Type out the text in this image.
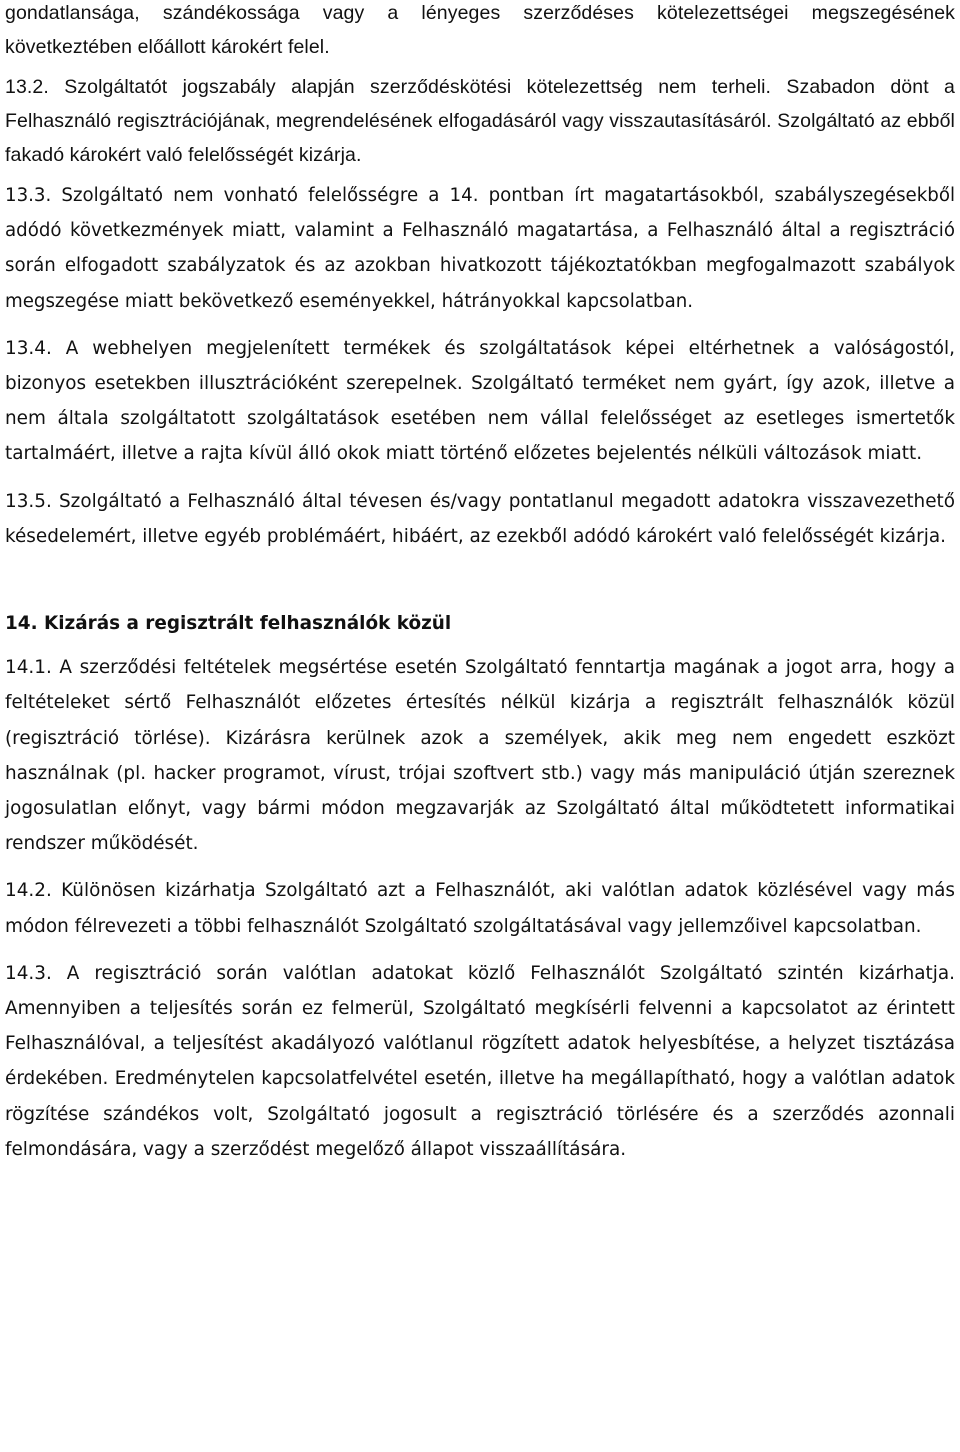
gondatlansága, szándékossága vagy a lényeges szerződéses kötelezettségei megszegésének következtében előállott károkért felel.

13.2. Szolgáltatót jogszabály alapján szerződéskötési kötelezettség nem terheli. Szabadon dönt a Felhasználó regisztrációjának, megrendelésének elfogadásáról vagy visszautasításáról. Szolgáltató az ebből fakadó károkért való felelősségét kizárja.

13.3. Szolgáltató nem vonható felelősségre a 14. pontban írt magatartásokból, szabályszegésekből adódó következmények miatt, valamint a Felhasználó magatartása, a Felhasználó által a regisztráció során elfogadott szabályzatok és az azokban hivatkozott tájékoztatókban megfogalmazott szabályok megszegése miatt bekövetkező eseményekkel, hátrányokkal kapcsolatban.

13.4. A webhelyen megjelenített termékek és szolgáltatások képei eltérhetnek a valóságostól, bizonyos esetekben illusztrációként szerepelnek. Szolgáltató terméket nem gyárt, így azok, illetve a nem általa szolgáltatott szolgáltatások esetében nem vállal felelősséget az esetleges ismertetők tartalmáért, illetve a rajta kívül álló okok miatt történő előzetes bejelentés nélküli változások miatt.

13.5. Szolgáltató a Felhasználó által tévesen és/vagy pontatlanul megadott adatokra visszavezethető késedelemért, illetve egyéb problémáért, hibáért, az ezekből adódó károkért való felelősségét kizárja.

14. Kizárás a regisztrált felhasználók közül

14.1. A szerződési feltételek megsértése esetén Szolgáltató fenntartja magának a jogot arra, hogy a feltételeket sértő Felhasználót előzetes értesítés nélkül kizárja a regisztrált felhasználók közül (regisztráció törlése). Kizárásra kerülnek azok a személyek, akik meg nem engedett eszközt használnak (pl. hacker programot, vírust, trójai szoftvert stb.) vagy más manipuláció útján szereznek jogosulatlan előnyt, vagy bármi módon megzavarják az Szolgáltató által működtetett informatikai rendszer működését.

14.2. Különösen kizárhatja Szolgáltató azt a Felhasználót, aki valótlan adatok közlésével vagy más módon félrevezeti a többi felhasználót Szolgáltató szolgáltatásával vagy jellemzőivel kapcsolatban.

14.3. A regisztráció során valótlan adatokat közlő Felhasználót Szolgáltató szintén kizárhatja. Amennyiben a teljesítés során ez felmerül, Szolgáltató megkísérli felvenni a kapcsolatot az érintett Felhasználóval, a teljesítést akadályozó valótlanul rögzített adatok helyesbítése, a helyzet tisztázása érdekében. Eredménytelen kapcsolatfelvétel esetén, illetve ha megállapítható, hogy a valótlan adatok rögzítése szándékos volt, Szolgáltató jogosult a regisztráció törlésére és a szerződés azonnali felmondására, vagy a szerződést megelőző állapot visszaállítására.
